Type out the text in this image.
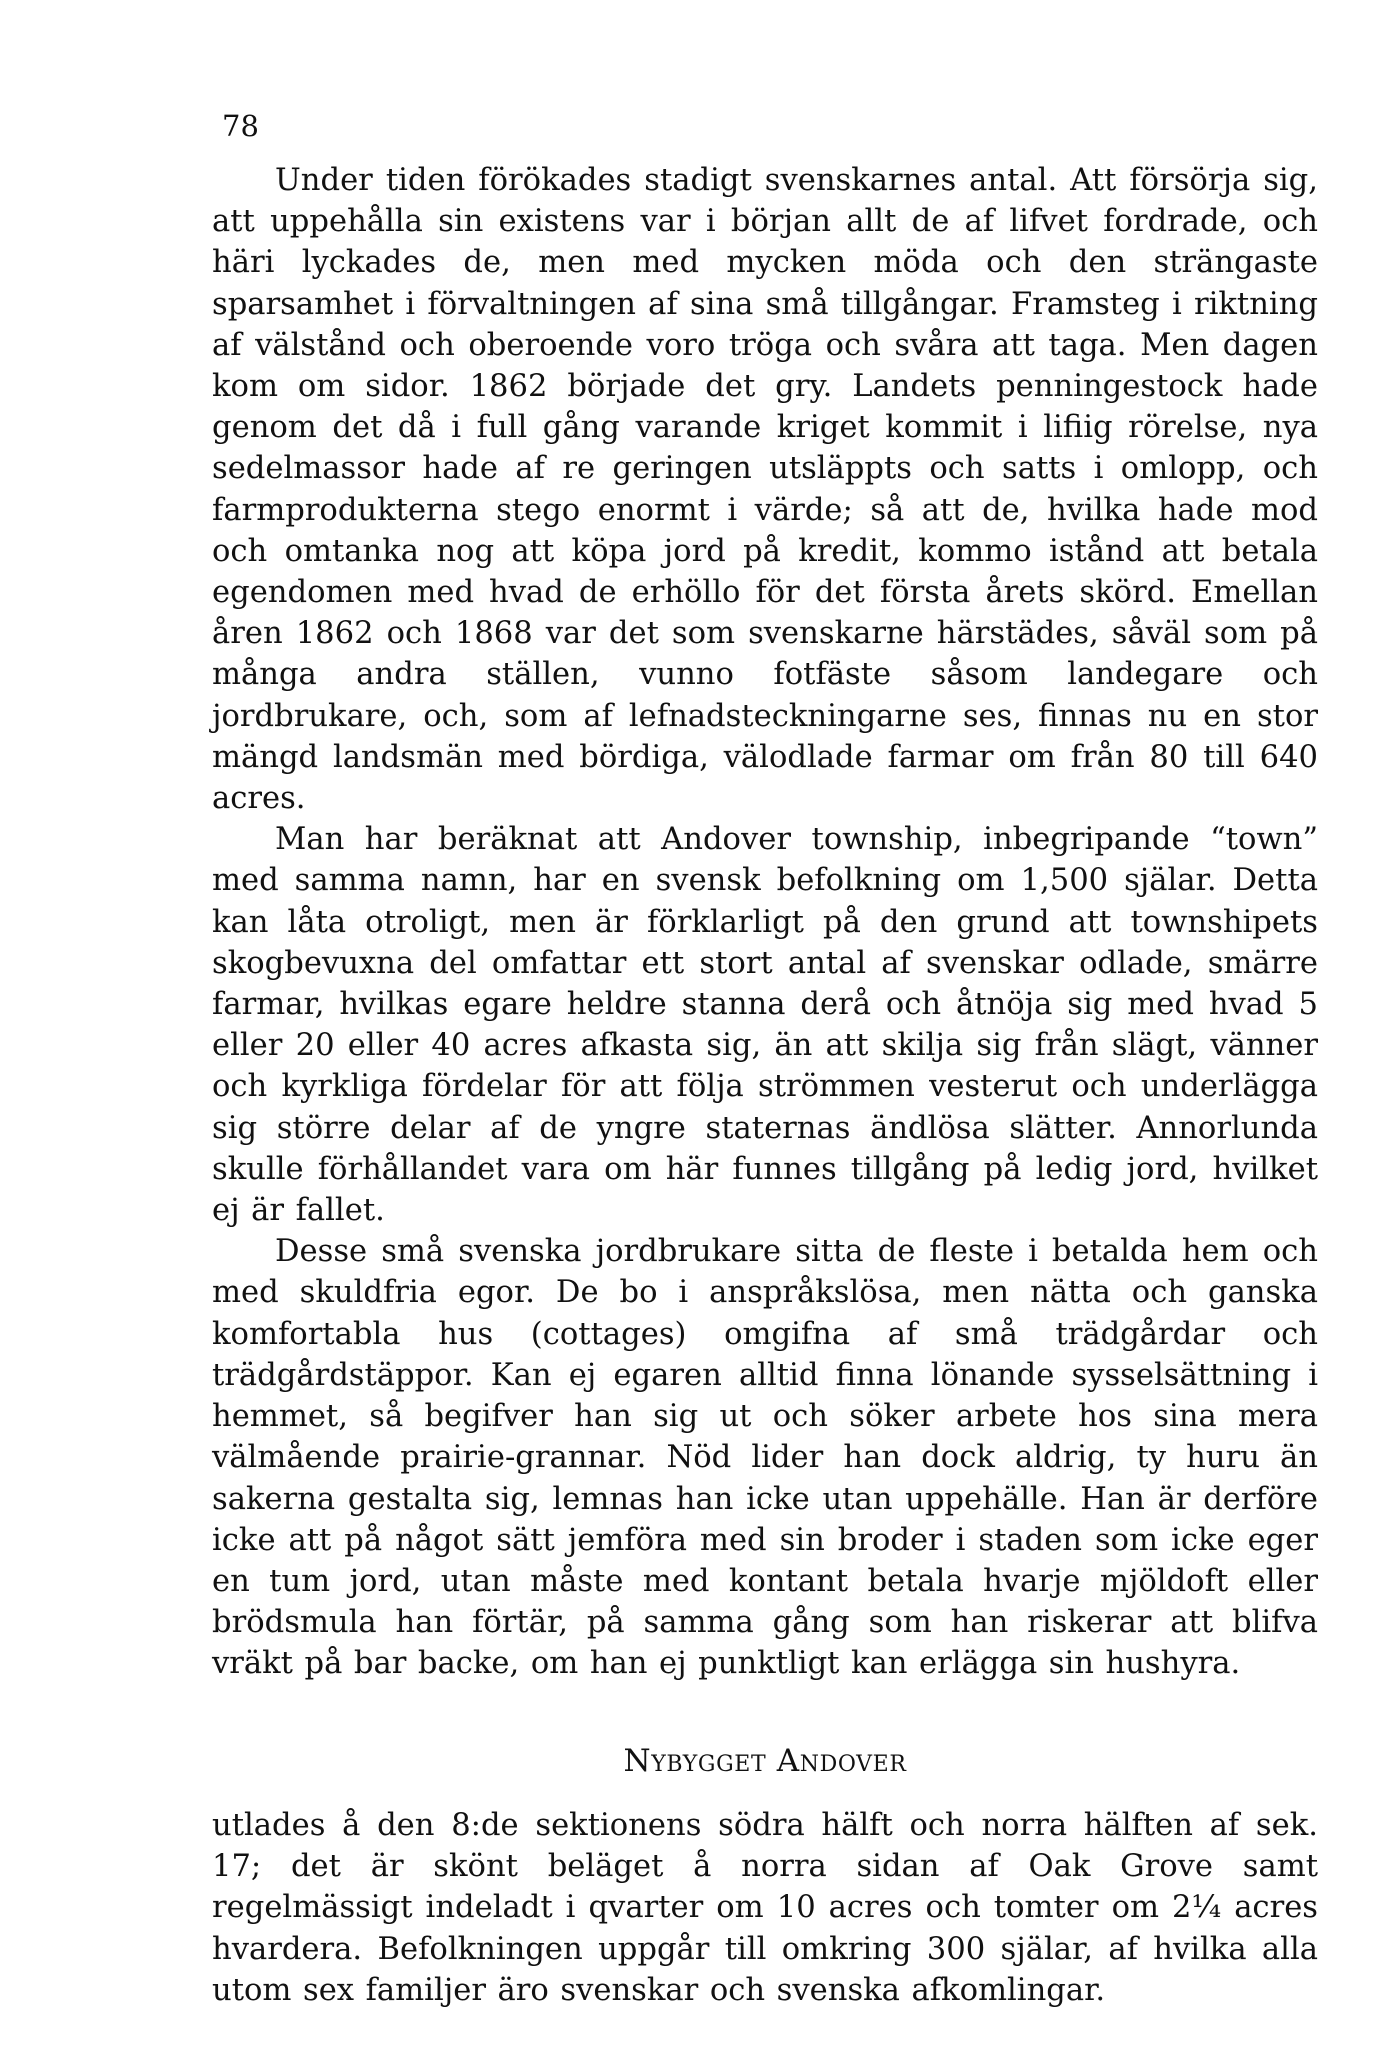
78

Under tiden förökades stadigt svenskarnes antal. Att försörja sig, att uppehålla sin existens var i början allt de af lifvet fordrade, och häri lyckades de, men med mycken möda och den strängaste sparsamhet i förvaltningen af sina små tillgångar. Framsteg i riktning af välstånd och oberoende voro tröga och svåra att taga. Men dagen kom om sidor. 1862 började det gry. Landets penningestock hade genom det då i full gång varande kriget kommit i lifiig rörelse, nya sedelmassor hade af re geringen utsläppts och satts i omlopp, och farmprodukterna stego enormt i värde; så att de, hvilka hade mod och omtanka nog att köpa jord på kredit, kommo istånd att betala egendomen med hvad de erhöllo för det första årets skörd. Emellan åren 1862 och 1868 var det som svenskarne härstädes, såväl som på många andra ställen, vunno fotfäste såsom landegare och jordbrukare, och, som af lefnadsteckningarne ses, finnas nu en stor mängd landsmän med bördiga, välodlade farmar om från 80 till 640 acres.

Man har beräknat att Andover township, inbegripande “town” med samma namn, har en svensk befolkning om 1,500 själar. Detta kan låta otroligt, men är förklarligt på den grund att townshipets skogbevuxna del omfattar ett stort antal af svenskar odlade, smärre farmar, hvilkas egare heldre stanna derå och åtnöja sig med hvad 5 eller 20 eller 40 acres afkasta sig, än att skilja sig från slägt, vänner och kyrkliga fördelar för att följa strömmen vesterut och underlägga sig större delar af de yngre staternas ändlösa slätter. Annorlunda skulle förhållandet vara om här funnes tillgång på ledig jord, hvilket ej är fallet.

Desse små svenska jordbrukare sitta de fleste i betalda hem och med skuldfria egor. De bo i anspråkslösa, men nätta och ganska komfortabla hus (cottages) omgifna af små trädgårdar och trädgårdstäppor. Kan ej egaren alltid finna lönande sysselsättning i hemmet, så begifver han sig ut och söker arbete hos sina mera välmående prairie-grannar. Nöd lider han dock aldrig, ty huru än sakerna gestalta sig, lemnas han icke utan uppehälle. Han är derföre icke att på något sätt jemföra med sin broder i staden som icke eger en tum jord, utan måste med kontant betala hvarje mjöldoft eller brödsmula han förtär, på samma gång som han riskerar att blifva vräkt på bar backe, om han ej punktligt kan erlägga sin hushyra.

Nybygget Andover

utlades å den 8:de sektionens södra hälft och norra hälften af sek. 17; det är skönt beläget å norra sidan af Oak Grove samt regelmässigt indeladt i qvarter om 10 acres och tomter om 2¼ acres hvardera. Befolkningen uppgår till omkring 300 själar, af hvilka alla utom sex familjer äro svenskar och svenska afkomlingar.
